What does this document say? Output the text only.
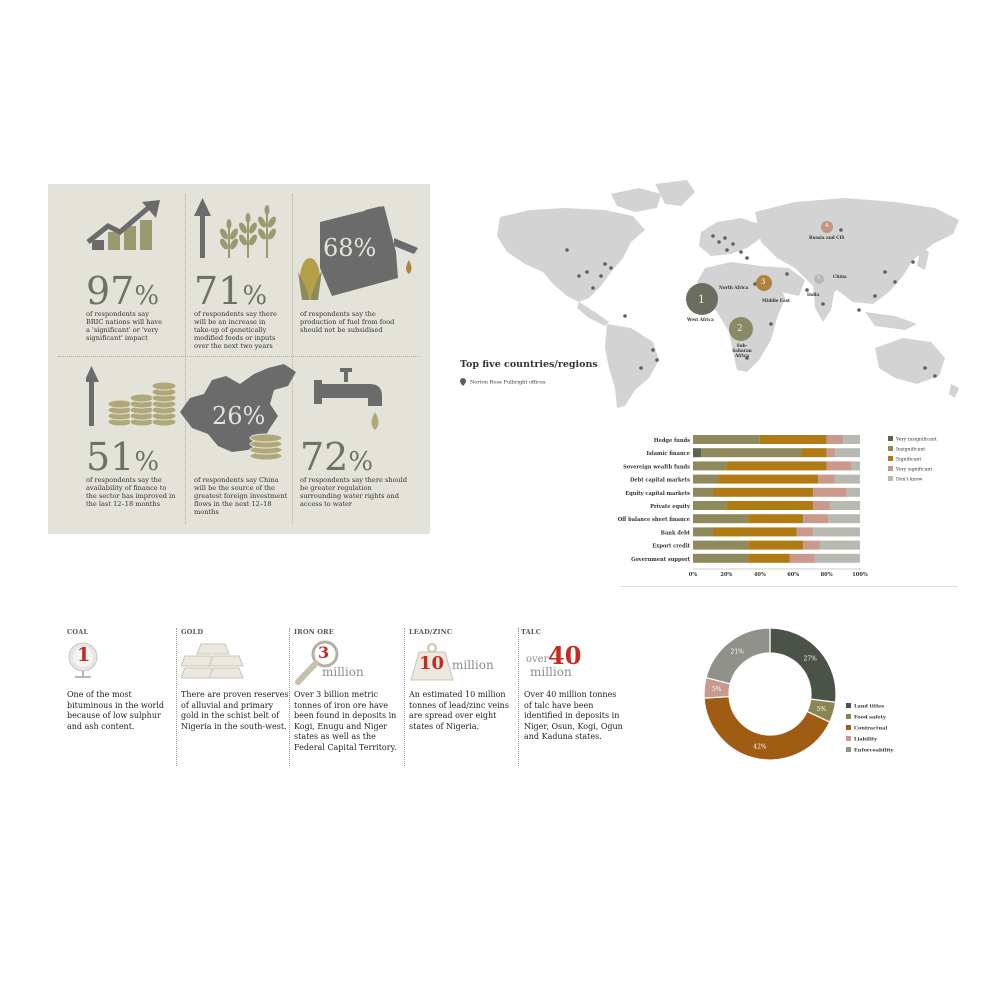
97%
of respondents say BRIC nations will have a 'significant' or 'very significant' impact
71%
of respondents say there will be an increase in take-up of genetically modified foods or inputs over the next two years
68%
of respondents say the production of fuel from food should not be subsidised
51%
of respondents say the availability of finance to the sector has improved in the last 12–18 months
26%
of respondents say China will be the source of the greatest foreign investment flows in the next 12–18 months
72%
of respondents say there should be greater regulation surrounding water rights and access to water
1
2
3
4
5
West Africa
Sub-Saharan Africa
Middle East
Russia and CIS
China
North Africa
India
Top five countries/regions
Norton Rose Fulbright offices
Hedge funds
Islamic finance
Sovereign wealth funds
Debt capital markets
Equity capital markets
Private equity
Off balance sheet finance
Bank debt
Export credit
Government support
0%	20%	40%	60%	80%	100%
Very insignificant
Insignificant
Significant
Very significant
Don't know
COAL
1
One of the most bituminous in the world because of low sulphur and ash content.
GOLD
There are proven reserves of alluvial and primary gold in the schist belt of Nigeria in the south-west.
IRON ORE
3
million
Over 3 billion metric tonnes of iron ore have been found in deposits in Kogi, Enugu and Niger states as well as the Federal Capital Territory.
LEAD/ZINC
10 million
An estimated 10 million tonnes of lead/zinc veins are spread over eight states of Nigeria.
TALC
over 40
million
Over 40 million tonnes of talc have been identified in deposits in Niger, Osun, Kogi, Ogun and Kaduna states.
27%
5%
42%
5%
21%
Land titles
Food safety
Contractual
Liability
Enforceability
